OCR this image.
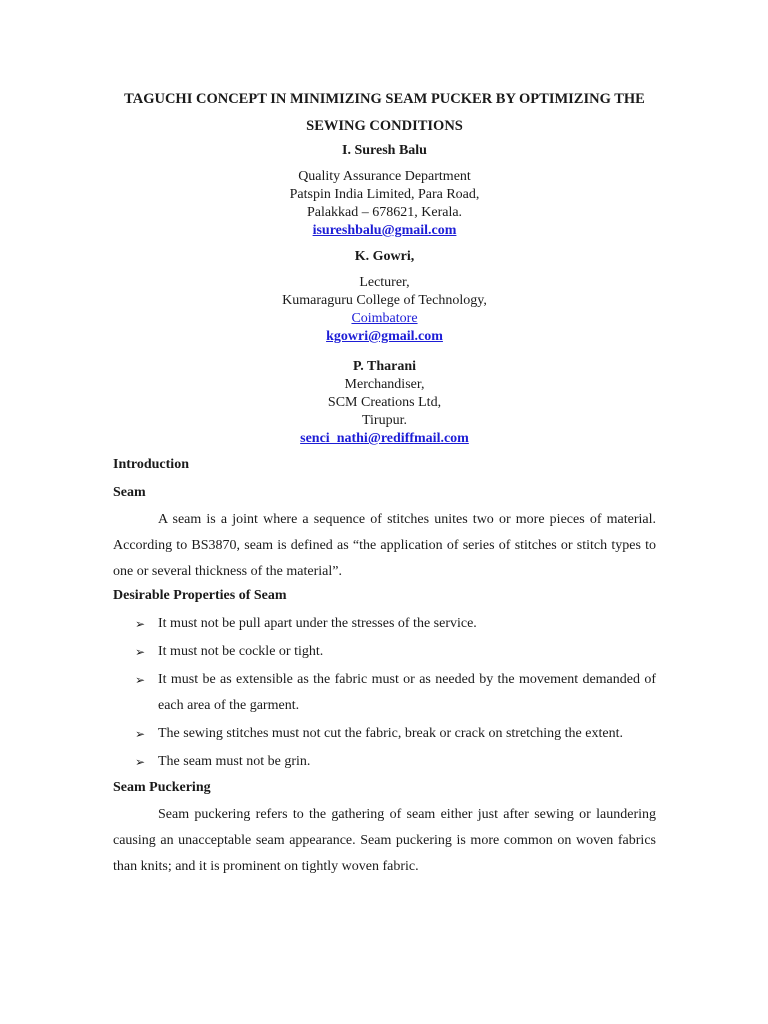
TAGUCHI CONCEPT IN MINIMIZING SEAM PUCKER BY OPTIMIZING THE

SEWING CONDITIONS

I. Suresh Balu

Quality Assurance Department

Patspin India Limited, Para Road,

Palakkad – 678621, Kerala.

isureshbalu@gmail.com

K. Gowri,

Lecturer,

Kumaraguru College of Technology,

Coimbatore

kgowri@gmail.com

P. Tharani

Merchandiser,

SCM Creations Ltd,

Tirupur.

senci_nathi@rediffmail.com

Introduction

Seam

A seam is a joint where a sequence of stitches unites two or more pieces of material. According to BS3870, seam is defined as “the application of series of stitches or stitch types to one or several thickness of the material”.

Desirable Properties of Seam

➢ It must not be pull apart under the stresses of the service.
➢ It must not be cockle or tight.
➢ It must be as extensible as the fabric must or as needed by the movement demanded of each area of the garment.
➢ The sewing stitches must not cut the fabric, break or crack on stretching the extent.
➢ The seam must not be grin.

Seam Puckering

Seam puckering refers to the gathering of seam either just after sewing or laundering causing an unacceptable seam appearance. Seam puckering is more common on woven fabrics than knits; and it is prominent on tightly woven fabric.
